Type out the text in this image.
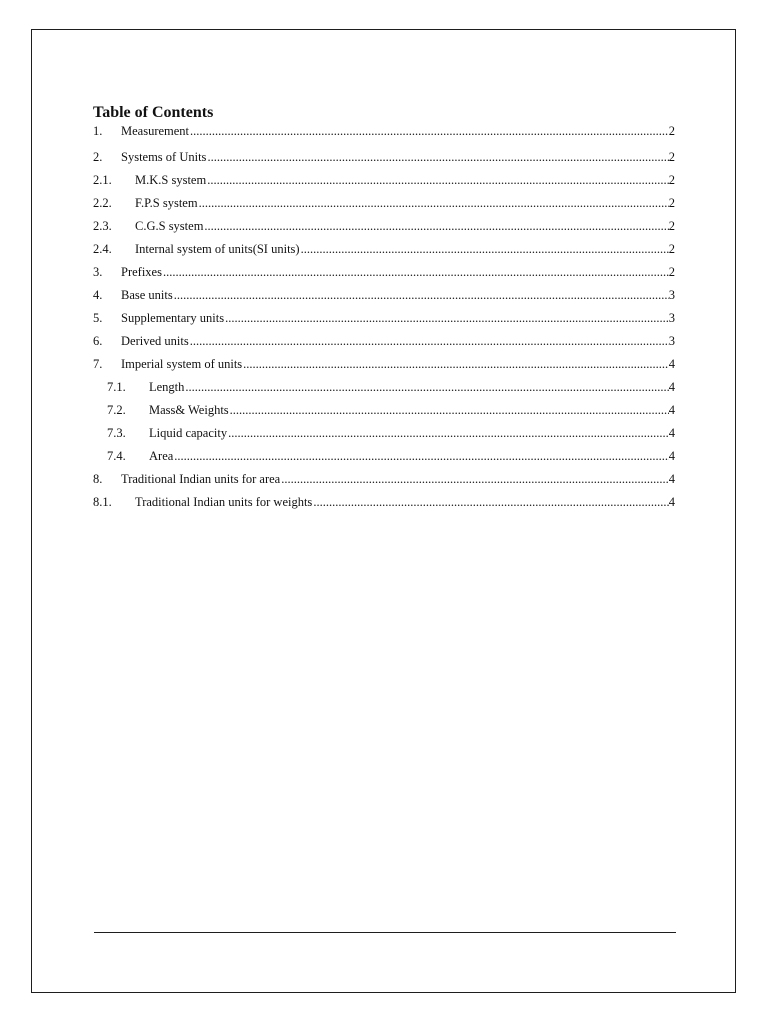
Table of Contents
1. Measurement .....	2
2. Systems of Units .....	2
2.1. M.K.S system .....	2
2.2. F.P.S system .....	2
2.3. C.G.S system .....	2
2.4. Internal system of units(SI units) .....	2
3. Prefixes .....	2
4. Base units .....	3
5. Supplementary units .....	3
6. Derived units .....	3
7. Imperial system of units .....	4
7.1. Length .....	4
7.2. Mass& Weights .....	4
7.3. Liquid capacity .....	4
7.4. Area .....	4
8. Traditional Indian units for area .....	4
8.1. Traditional Indian units for weights .....	4
